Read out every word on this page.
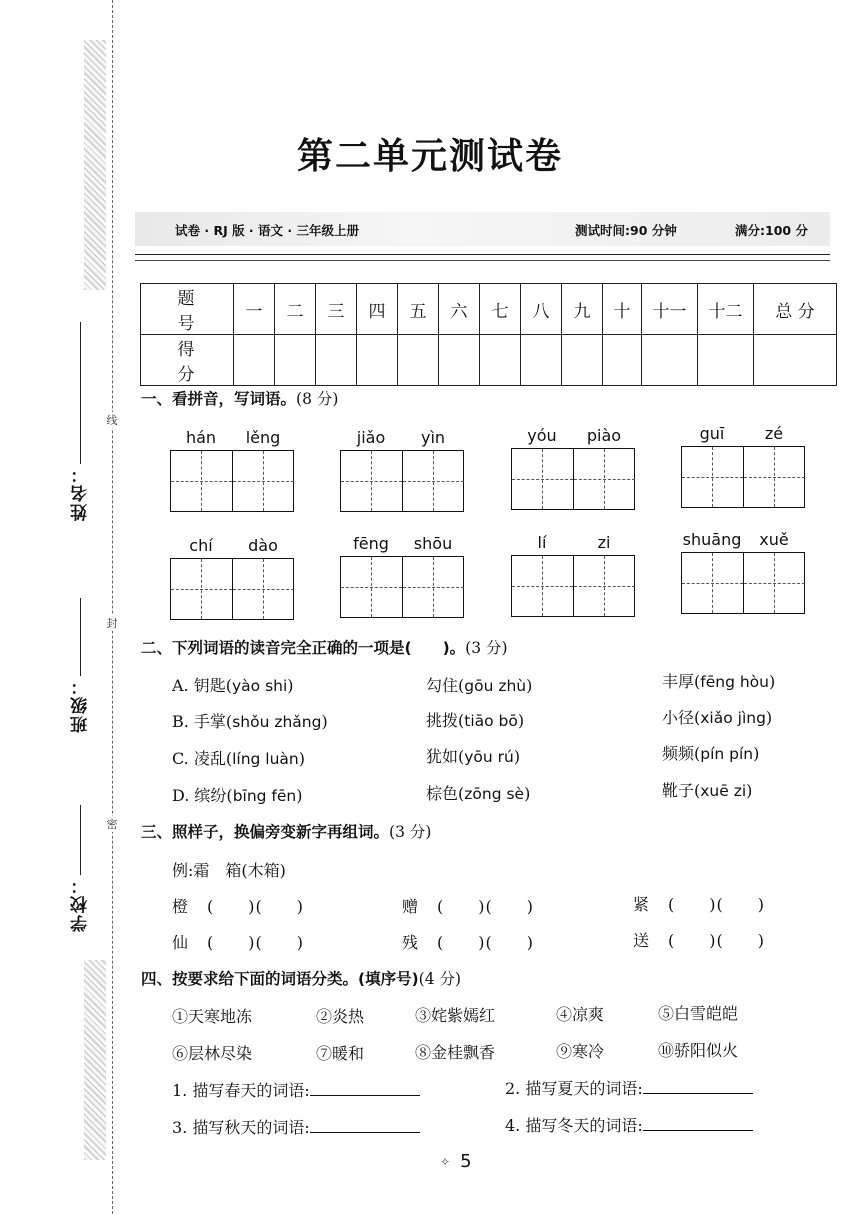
线
封
密
姓名：
班级：
学校：
第二单元测试卷
试卷 · RJ 版 · 语文 · 三年级上册	测试时间:90 分钟	满分:100 分
题 号	一	二	三	四	五	六	七	八	九	十	十一	十二	总 分
得 分													
一、看拼音，写词语。(8 分)
hán	lěng	jiǎo	yìn	yóu	piào	guī	zé
chí	dào	fēng	shōu	lí	zi	shuāng	xuě
二、下列词语的读音完全正确的一项是(　　)。(3 分)
A. 钥匙(yào shi)	勾住(gōu zhù)	丰厚(fēng hòu)
B. 手掌(shǒu zhǎng)	挑拨(tiāo bō)	小径(xiǎo jìng)
C. 凌乱(líng luàn)	犹如(yōu rú)	频频(pín pín)
D. 缤纷(bīng fēn)	棕色(zōng sè)	靴子(xuē zi)
三、照样子，换偏旁变新字再组词。(3 分)
例:霜　箱(木箱)
橙 (　　)(　　)	赠 (　　)(　　)	紧 (　　)(　　)
仙 (　　)(　　)	残 (　　)(　　)	送 (　　)(　　)
四、按要求给下面的词语分类。(填序号)(4 分)
①天寒地冻	②炎热	③姹紫嫣红	④凉爽	⑤白雪皑皑
⑥层林尽染	⑦暖和	⑧金桂飘香	⑨寒冷	⑩骄阳似火
1. 描写春天的词语:	2. 描写夏天的词语:
3. 描写秋天的词语:	4. 描写冬天的词语:
✧ 5
